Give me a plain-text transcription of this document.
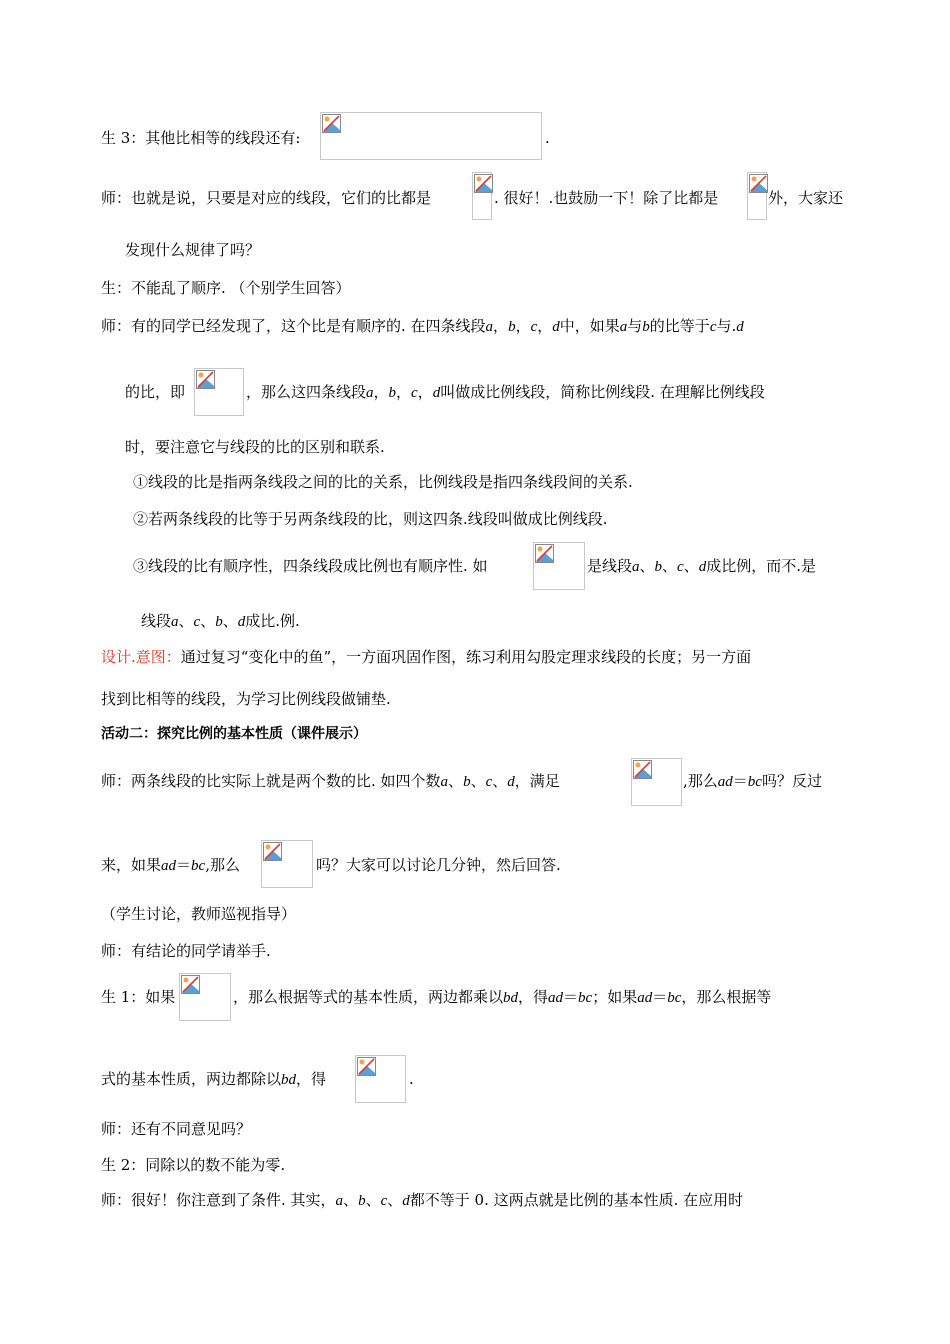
生 3：其他比相等的线段还有:	.
师：也就是说，只要是对应的线段，它们的比都是	. 很好！.也鼓励一下！除了比都是	外，大家还
发现什么规律了吗？
生：不能乱了顺序. （个别学生回答）
师：有的同学已经发现了，这个比是有顺序的. 在四条线段a，b，c，d中，如果a与b的比等于c与.d
的比，即	，那么这四条线段a，b，c，d叫做成比例线段，简称比例线段. 在理解比例线段
时，要注意它与线段的比的区别和联系.
①线段的比是指两条线段之间的比的关系，比例线段是指四条线段间的关系.
②若两条线段的比等于另两条线段的比，则这四条.线段叫做成比例线段.
③线段的比有顺序性，四条线段成比例也有顺序性. 如	是线段a、b、c、d成比例，而不.是
线段a、c、b、d成比.例.
设计.意图：通过复习“变化中的鱼”，一方面巩固作图，练习利用勾股定理求线段的长度；另一方面
找到比相等的线段，为学习比例线段做铺垫.
活动二：探究比例的基本性质（课件展示）
师：两条线段的比实际上就是两个数的比. 如四个数a、b、c、d，满足	,那么ad＝bc吗？反过
来，如果ad＝bc,那么	吗？大家可以讨论几分钟，然后回答.
（学生讨论，教师巡视指导）
师：有结论的同学请举手.
生 1：如果	，那么根据等式的基本性质，两边都乘以bd，得ad＝bc；如果ad＝bc，那么根据等
式的基本性质，两边都除以bd，得	.
师：还有不同意见吗？
生 2：同除以的数不能为零.
师：很好！你注意到了条件. 其实，a、b、c、d都不等于 0. 这两点就是比例的基本性质. 在应用时
